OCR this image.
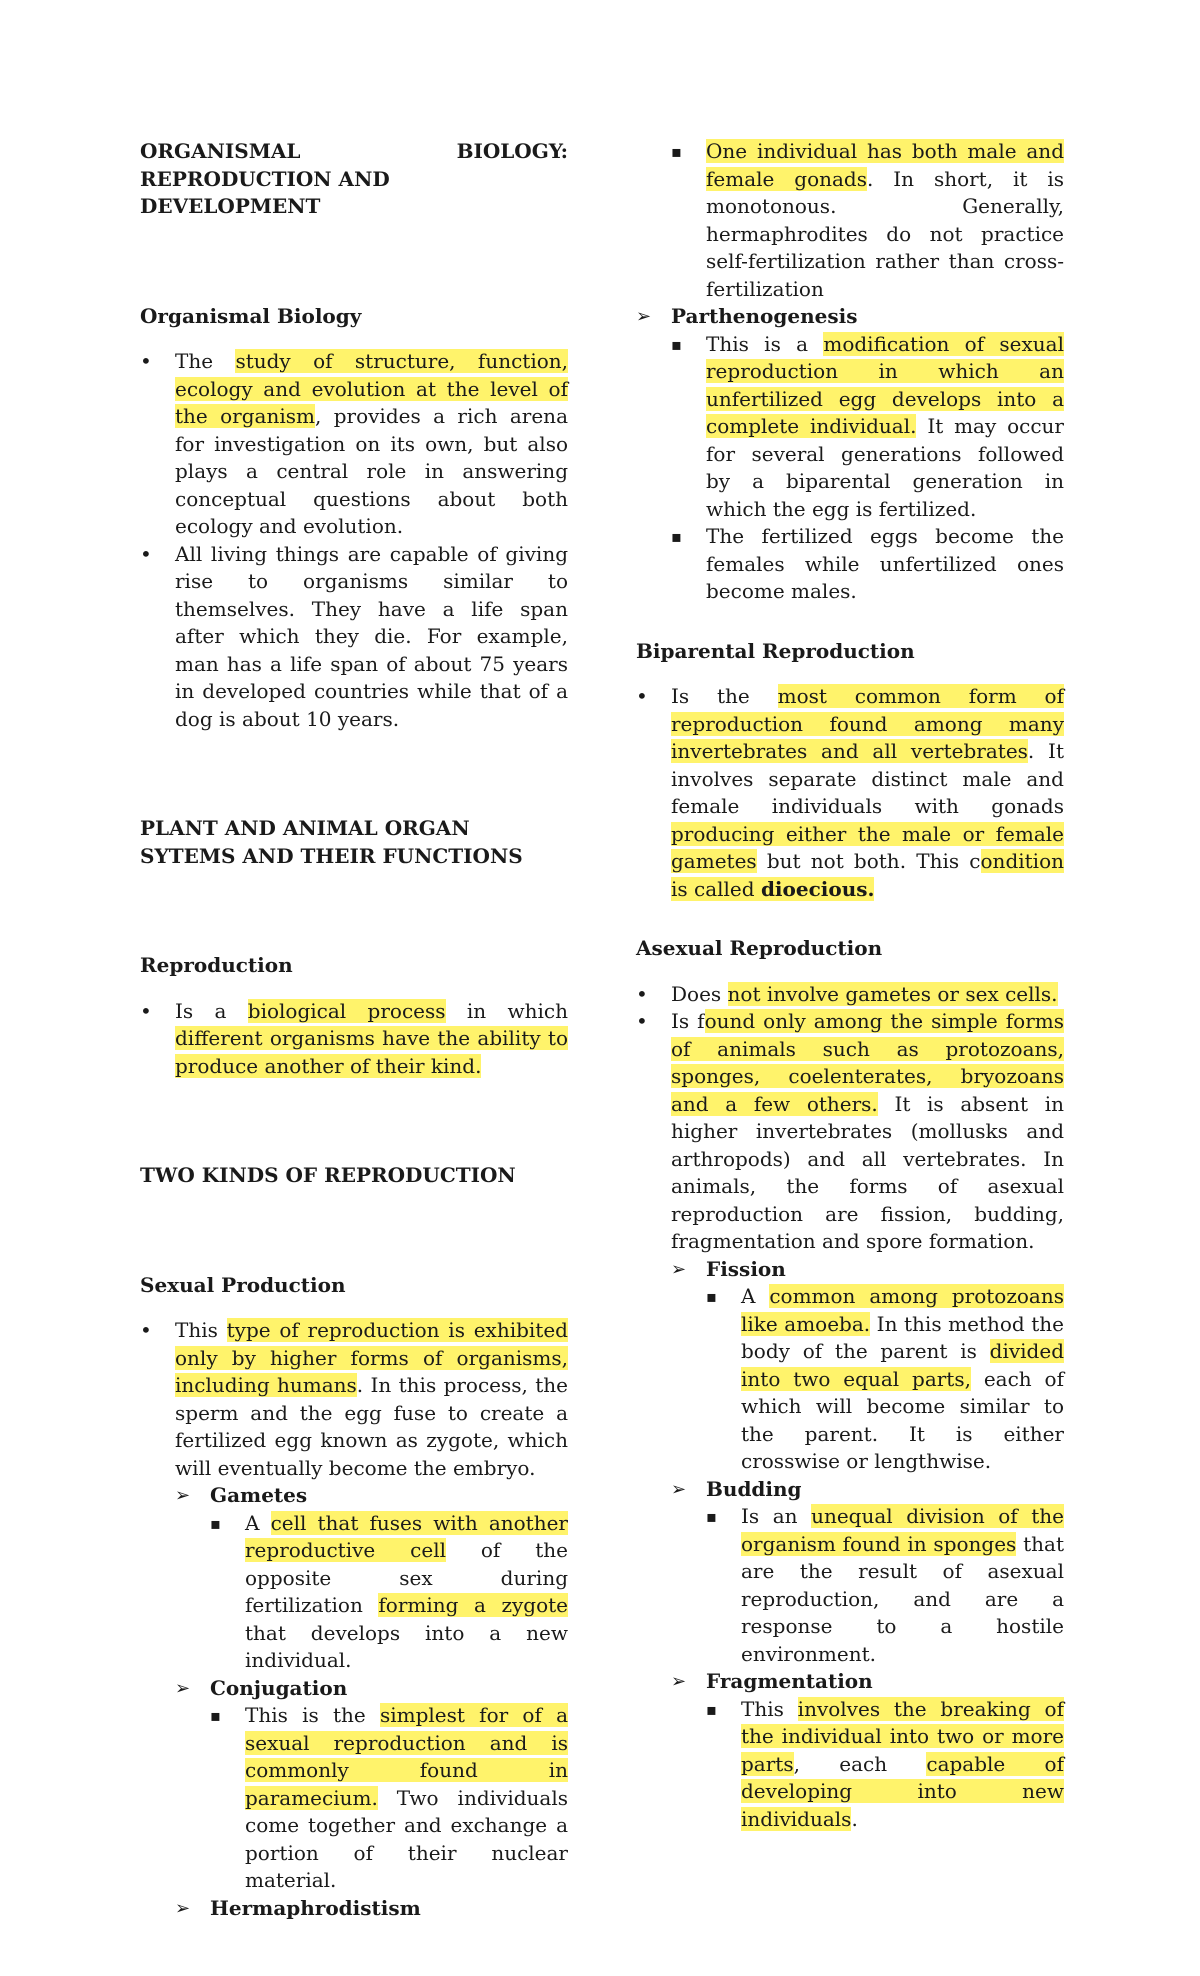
ORGANISMAL	BIOLOGY:
REPRODUCTION AND DEVELOPMENT
Organismal Biology
• The study of structure, function, ecology and evolution at the level of the organism, provides a rich arena for investigation on its own, but also plays a central role in answering conceptual questions about both ecology and evolution.
• All living things are capable of giving rise to organisms similar to themselves. They have a life span after which they die. For example, man has a life span of about 75 years in developed countries while that of a dog is about 10 years.
PLANT AND ANIMAL ORGAN SYTEMS AND THEIR FUNCTIONS
Reproduction
• Is a biological process in which different organisms have the ability to produce another of their kind.
TWO KINDS OF REPRODUCTION
Sexual Production
• This type of reproduction is exhibited only by higher forms of organisms, including humans. In this process, the sperm and the egg fuse to create a fertilized egg known as zygote, which will eventually become the embryo.
➢ Gametes
▪ A cell that fuses with another reproductive cell of the opposite sex during fertilization forming a zygote that develops into a new individual.
➢ Conjugation
▪ This is the simplest for of a sexual reproduction and is commonly found in paramecium. Two individuals come together and exchange a portion of their nuclear material.
➢ Hermaphrodistism
▪ One individual has both male and female gonads. In short, it is monotonous. Generally, hermaphrodites do not practice self-fertilization rather than cross-fertilization
➢ Parthenogenesis
▪ This is a modification of sexual reproduction in which an unfertilized egg develops into a complete individual. It may occur for several generations followed by a biparental generation in which the egg is fertilized.
▪ The fertilized eggs become the females while unfertilized ones become males.
Biparental Reproduction
• Is the most common form of reproduction found among many invertebrates and all vertebrates. It involves separate distinct male and female individuals with gonads producing either the male or female gametes but not both. This condition is called dioecious.
Asexual Reproduction
• Does not involve gametes or sex cells.
• Is found only among the simple forms of animals such as protozoans, sponges, coelenterates, bryozoans and a few others. It is absent in higher invertebrates (mollusks and arthropods) and all vertebrates. In animals, the forms of asexual reproduction are fission, budding, fragmentation and spore formation.
➢ Fission
▪ A common among protozoans like amoeba. In this method the body of the parent is divided into two equal parts, each of which will become similar to the parent. It is either crosswise or lengthwise.
➢ Budding
▪ Is an unequal division of the organism found in sponges that are the result of asexual reproduction, and are a response to a hostile environment.
➢ Fragmentation
▪ This involves the breaking of the individual into two or more parts, each capable of developing into new individuals.
